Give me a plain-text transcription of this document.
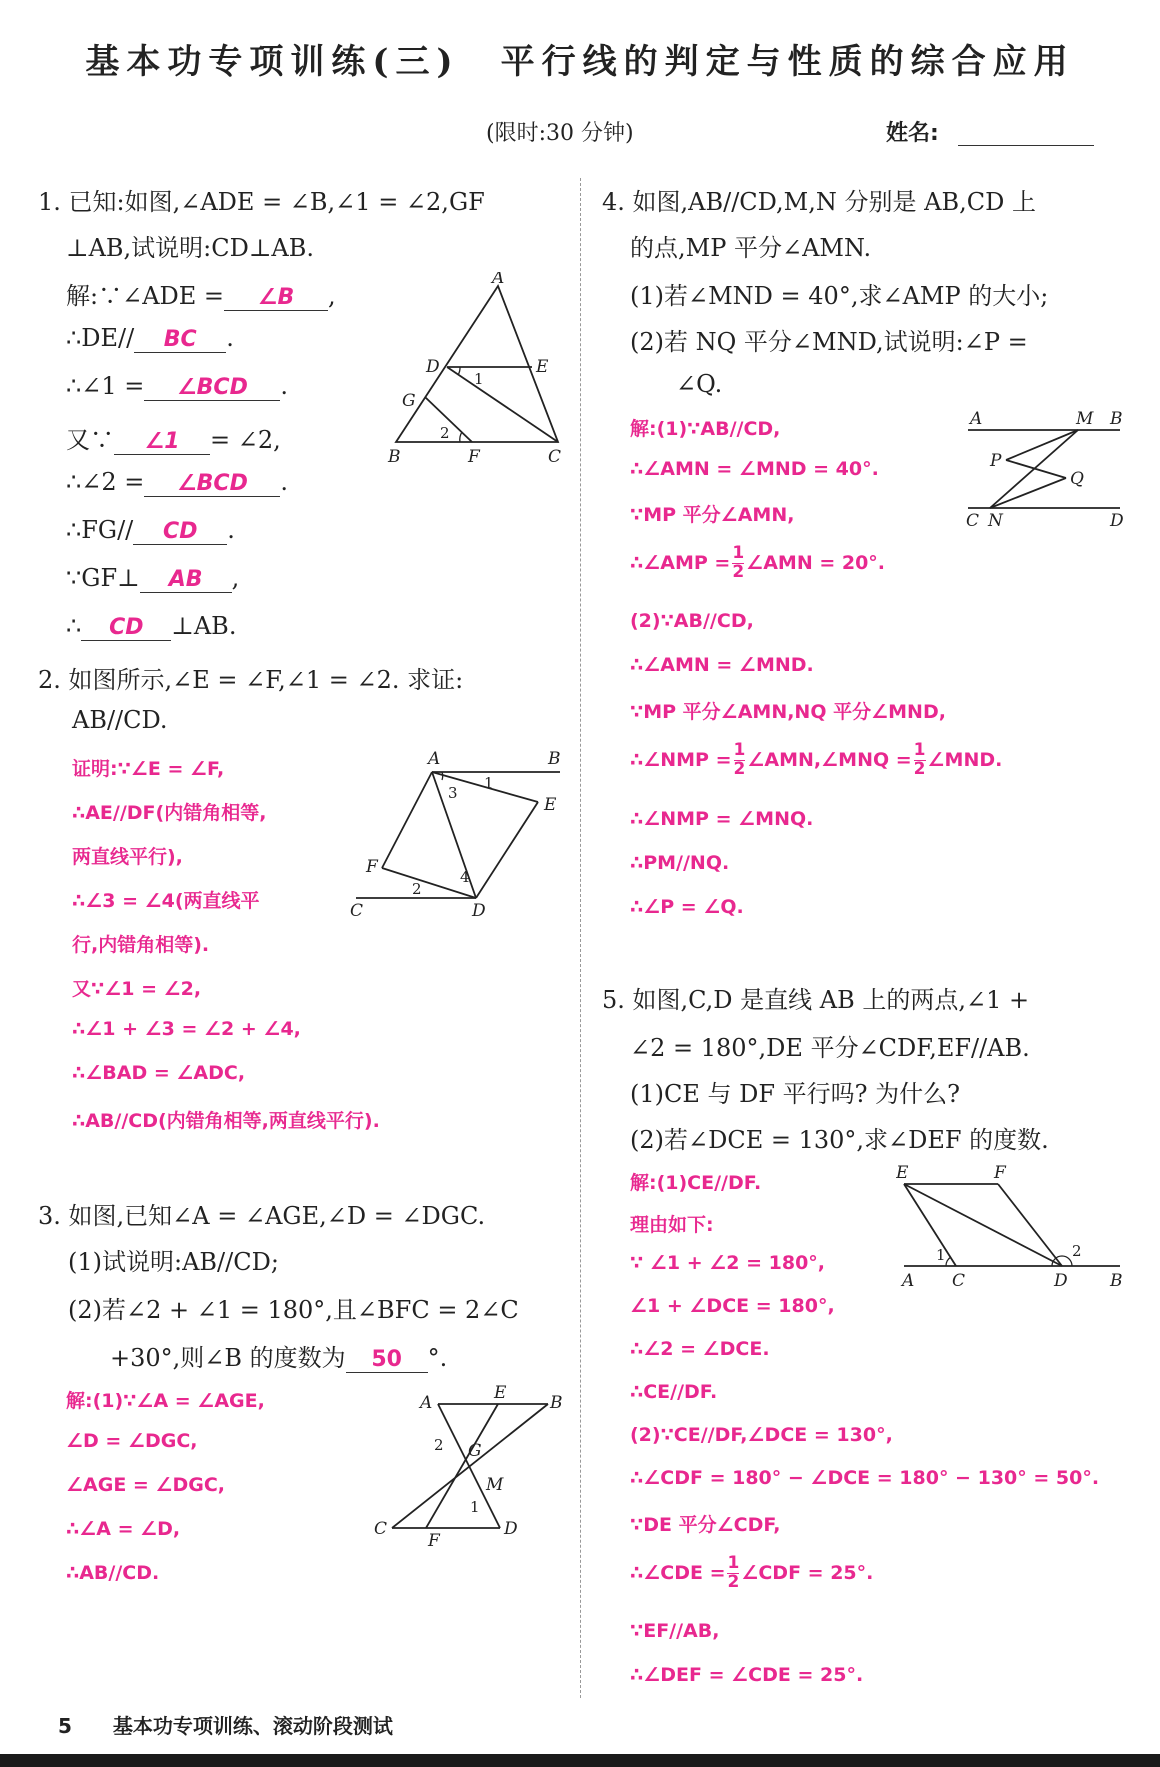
基本功专项训练(三)　平行线的判定与性质的综合应用
(限时:30 分钟)	姓名:
1. 已知:如图,∠ADE = ∠B,∠1 = ∠2,GF
⊥AB,试说明:CD⊥AB.
解:∵∠ADE = ∠B ,
∴DE// BC .
∴∠1 = ∠BCD .
又∵ ∠1 = ∠2,
∴∠2 = ∠BCD .
∴FG// CD .
∵GF⊥ AB ,
∴ CD ⊥AB.
A
D	E
G
1
2
B	F	C
2. 如图所示,∠E = ∠F,∠1 = ∠2. 求证:
AB//CD.
证明:∵∠E = ∠F,
∴AE//DF(内错角相等,
两直线平行),
∴∠3 = ∠4(两直线平
行,内错角相等).
又∵∠1 = ∠2,
∴∠1 + ∠3 = ∠2 + ∠4,
∴∠BAD = ∠ADC,
∴AB//CD(内错角相等,两直线平行).
A	B
3
1
E
F	4
2
C	D
3. 如图,已知∠A = ∠AGE,∠D = ∠DGC.
(1)试说明:AB//CD;
(2)若∠2 + ∠1 = 180°,且∠BFC = 2∠C
+30°,则∠B 的度数为 50 °.
解:(1)∵∠A = ∠AGE,
∠D = ∠DGC,
∠AGE = ∠DGC,
∴∠A = ∠D,
∴AB//CD.
A	E	B
2 G
M
1
C
F
D
4. 如图,AB//CD,M,N 分别是 AB,CD 上
的点,MP 平分∠AMN.
(1)若∠MND = 40°,求∠AMP 的大小;
(2)若 NQ 平分∠MND,试说明:∠P =
∠Q.
解:(1)∵AB//CD,
∴∠AMN = ∠MND = 40°.
∵MP 平分∠AMN,
∴∠AMP = $\frac{1}{2}$ ∠AMN = 20°.
(2)∵AB//CD,
∴∠AMN = ∠MND.
∵MP 平分∠AMN,NQ 平分∠MND,
∴∠NMP = $\frac{1}{2}$ ∠AMN,∠MNQ = $\frac{1}{2}$ ∠MND.
∴∠NMP = ∠MNQ.
∴PM//NQ.
∴∠P = ∠Q.
A	M B
P
Q
C N	D
5. 如图,C,D 是直线 AB 上的两点,∠1 +
∠2 = 180°,DE 平分∠CDF,EF//AB.
(1)CE 与 DF 平行吗? 为什么?
(2)若∠DCE = 130°,求∠DEF 的度数.
解:(1)CE//DF.
理由如下:
∵ ∠1 + ∠2 = 180°,
∠1 + ∠DCE = 180°,
∴∠2 = ∠DCE.
∴CE//DF.
(2)∵CE//DF,∠DCE = 130°,
∴∠CDF = 180° − ∠DCE = 180° − 130° = 50°.
∵DE 平分∠CDF,
∴∠CDE = $\frac{1}{2}$ ∠CDF = 25°.
∵EF//AB,
∴∠DEF = ∠CDE = 25°.
E	F
1	2
A C	D B
5 基本功专项训练、滚动阶段测试
